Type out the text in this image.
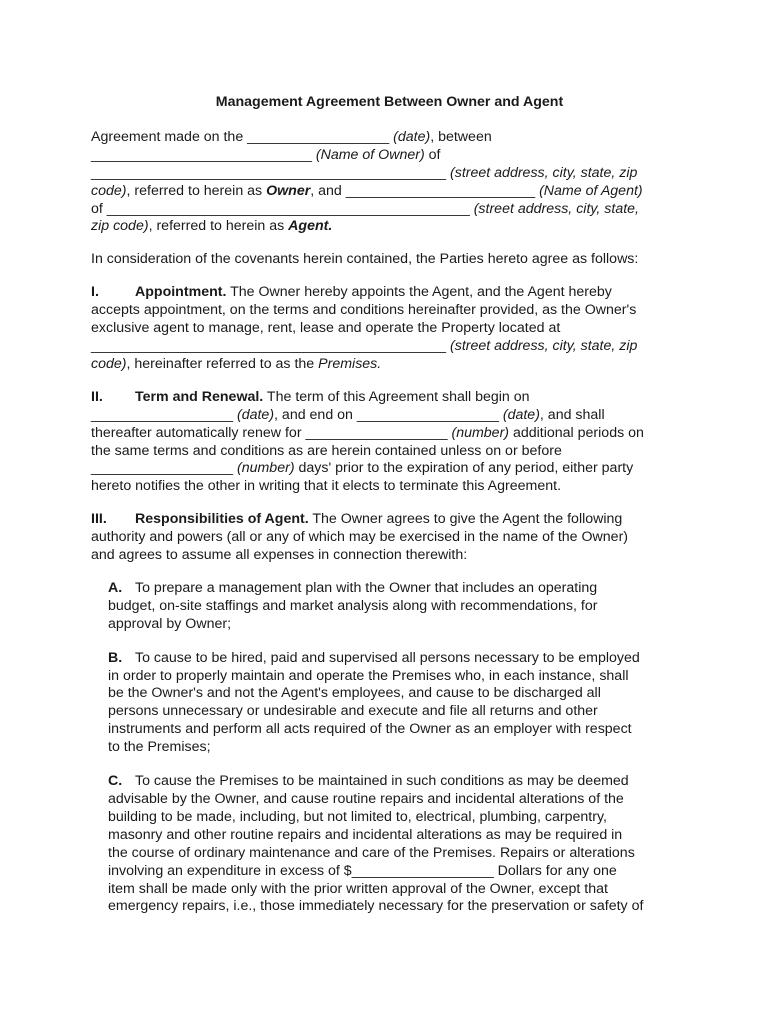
Management Agreement Between Owner and Agent
Agreement made on the __________________ (date), between
____________________________ (Name of Owner) of
_____________________________________________ (street address, city, state, zip
code), referred to herein as Owner, and ________________________ (Name of Agent)
of ______________________________________________ (street address, city, state,
zip code), referred to herein as Agent.
In consideration of the covenants herein contained, the Parties hereto agree as follows:
I.	Appointment. The Owner hereby appoints the Agent, and the Agent hereby
accepts appointment, on the terms and conditions hereinafter provided, as the Owner's
exclusive agent to manage, rent, lease and operate the Property located at
_____________________________________________ (street address, city, state, zip
code), hereinafter referred to as the Premises.
II. Term and Renewal. The term of this Agreement shall begin on
__________________ (date), and end on __________________ (date), and shall
thereafter automatically renew for __________________ (number) additional periods on
the same terms and conditions as are herein contained unless on or before
__________________ (number) days' prior to the expiration of any period, either party
hereto notifies the other in writing that it elects to terminate this Agreement.
III. Responsibilities of Agent. The Owner agrees to give the Agent the following
authority and powers (all or any of which may be exercised in the name of the Owner)
and agrees to assume all expenses in connection therewith:
A. To prepare a management plan with the Owner that includes an operating
budget, on-site staffings and market analysis along with recommendations, for
approval by Owner;
B. To cause to be hired, paid and supervised all persons necessary to be employed
in order to properly maintain and operate the Premises who, in each instance, shall
be the Owner's and not the Agent's employees, and cause to be discharged all
persons unnecessary or undesirable and execute and file all returns and other
instruments and perform all acts required of the Owner as an employer with respect
to the Premises;
C. To cause the Premises to be maintained in such conditions as may be deemed
advisable by the Owner, and cause routine repairs and incidental alterations of the
building to be made, including, but not limited to, electrical, plumbing, carpentry,
masonry and other routine repairs and incidental alterations as may be required in
the course of ordinary maintenance and care of the Premises. Repairs or alterations
involving an expenditure in excess of $__________________ Dollars for any one
item shall be made only with the prior written approval of the Owner, except that
emergency repairs, i.e., those immediately necessary for the preservation or safety of
